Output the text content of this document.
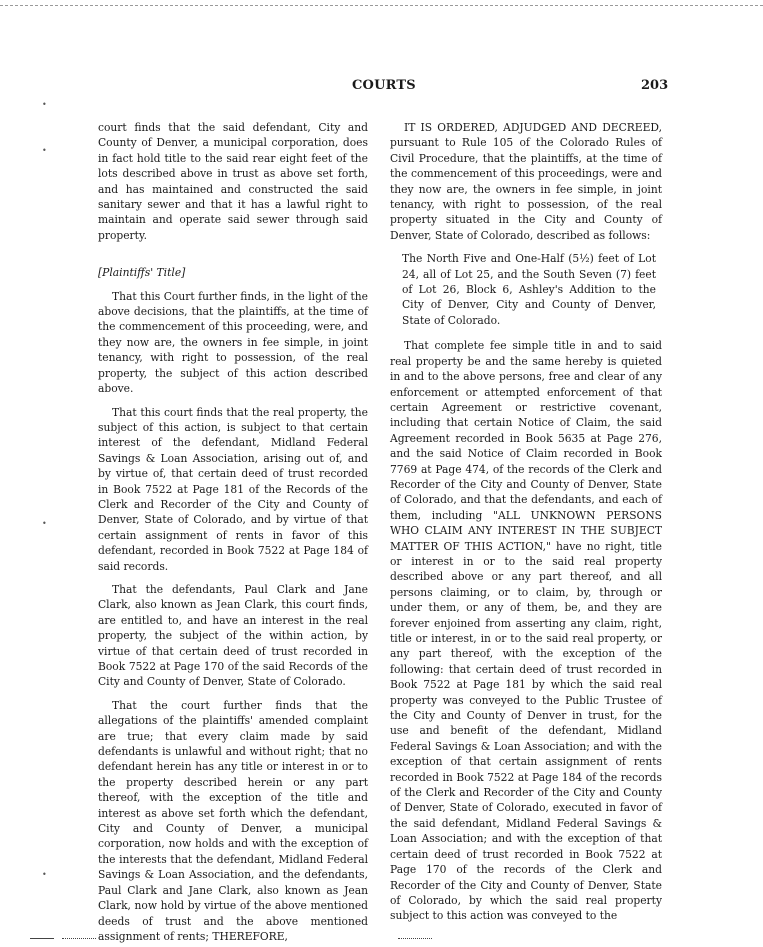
COURTS	203
•
•
•
•

court finds that the said defendant, City and County of Denver, a municipal corporation, does in fact hold title to the said rear eight feet of the lots described above in trust as above set forth, and has maintained and constructed the said sanitary sewer and that it has a lawful right to maintain and operate said sewer through said property.

[Plaintiffs' Title]

That this Court further finds, in the light of the above decisions, that the plaintiffs, at the time of the commencement of this proceeding, were, and they now are, the owners in fee simple, in joint tenancy, with right to possession, of the real property, the subject of this action described above.

That this court finds that the real property, the subject of this action, is subject to that certain interest of the defendant, Midland Federal Savings & Loan Association, arising out of, and by virtue of, that certain deed of trust recorded in Book 7522 at Page 181 of the Records of the Clerk and Recorder of the City and County of Denver, State of Colorado, and by virtue of that certain assignment of rents in favor of this defendant, recorded in Book 7522 at Page 184 of said records.

That the defendants, Paul Clark and Jane Clark, also known as Jean Clark, this court finds, are entitled to, and have an interest in the real property, the subject of the within action, by virtue of that certain deed of trust recorded in Book 7522 at Page 170 of the said Records of the City and County of Denver, State of Colorado.

That the court further finds that the allegations of the plaintiffs' amended complaint are true; that every claim made by said defendants is unlawful and without right; that no defendant herein has any title or interest in or to the property described herein or any part thereof, with the exception of the title and interest as above set forth which the defendant, City and County of Denver, a municipal corporation, now holds and with the exception of the interests that the defendant, Midland Federal Savings & Loan Association, and the defendants, Paul Clark and Jane Clark, also known as Jean Clark, now hold by virtue of the above mentioned deeds of trust and the above mentioned assignment of rents; THEREFORE,

IT IS ORDERED, ADJUDGED AND DECREED, pursuant to Rule 105 of the Colorado Rules of Civil Procedure, that the plaintiffs, at the time of the commencement of this proceedings, were and they now are, the owners in fee simple, in joint tenancy, with right to possession, of the real property situated in the City and County of Denver, State of Colorado, described as follows:

The North Five and One-Half (5½) feet of Lot 24, all of Lot 25, and the South Seven (7) feet of Lot 26, Block 6, Ashley's Addition to the City of Denver, City and County of Denver, State of Colorado.

That complete fee simple title in and to said real property be and the same hereby is quieted in and to the above persons, free and clear of any enforcement or attempted enforcement of that certain Agreement or restrictive covenant, including that certain Notice of Claim, the said Agreement recorded in Book 5635 at Page 276, and the said Notice of Claim recorded in Book 7769 at Page 474, of the records of the Clerk and Recorder of the City and County of Denver, State of Colorado, and that the defendants, and each of them, including "ALL UNKNOWN PERSONS WHO CLAIM ANY INTEREST IN THE SUBJECT MATTER OF THIS ACTION," have no right, title or interest in or to the said real property described above or any part thereof, and all persons claiming, or to claim, by, through or under them, or any of them, be, and they are forever enjoined from asserting any claim, right, title or interest, in or to the said real property, or any part thereof, with the exception of the following: that certain deed of trust recorded in Book 7522 at Page 181 by which the said real property was conveyed to the Public Trustee of the City and County of Denver in trust, for the use and benefit of the defendant, Midland Federal Savings & Loan Association; and with the exception of that certain assignment of rents recorded in Book 7522 at Page 184 of the records of the Clerk and Recorder of the City and County of Denver, State of Colorado, executed in favor of the said defendant, Midland Federal Savings & Loan Association; and with the exception of that certain deed of trust recorded in Book 7522 at Page 170 of the records of the Clerk and Recorder of the City and County of Denver, State of Colorado, by which the said real property subject to this action was conveyed to the
